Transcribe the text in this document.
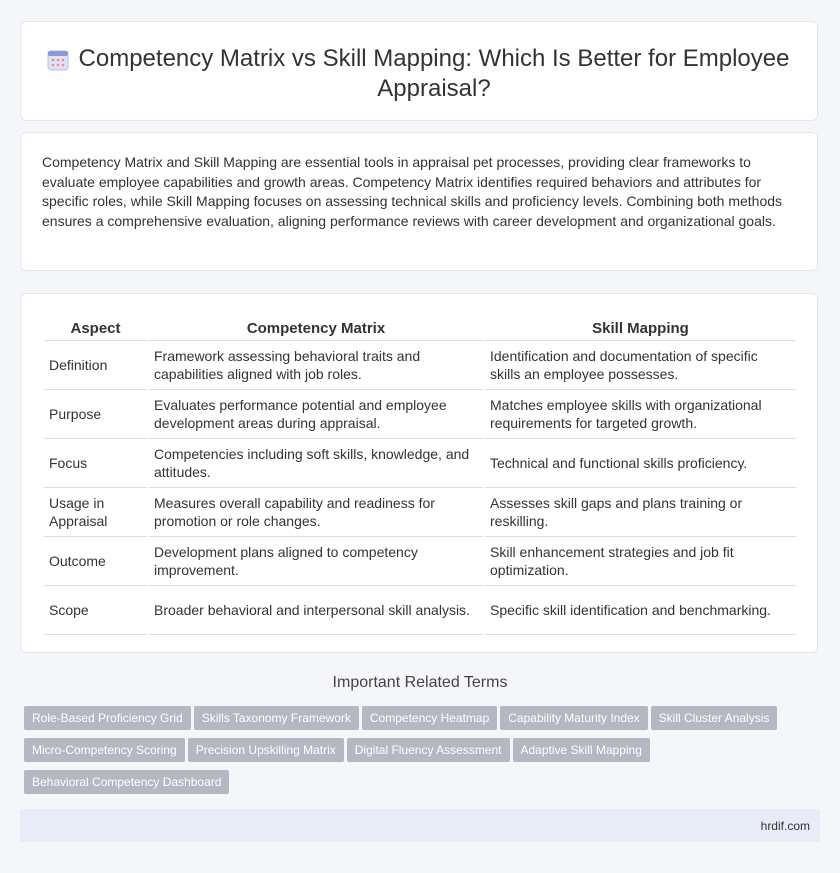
Competency Matrix vs Skill Mapping: Which Is Better for Employee Appraisal?

Competency Matrix and Skill Mapping are essential tools in appraisal pet processes, providing clear frameworks to evaluate employee capabilities and growth areas. Competency Matrix identifies required behaviors and attributes for specific roles, while Skill Mapping focuses on assessing technical skills and proficiency levels. Combining both methods ensures a comprehensive evaluation, aligning performance reviews with career development and organizational goals.

Aspect	Competency Matrix	Skill Mapping
Definition	Framework assessing behavioral traits and capabilities aligned with job roles.	Identification and documentation of specific skills an employee possesses.
Purpose	Evaluates performance potential and employee development areas during appraisal.	Matches employee skills with organizational requirements for targeted growth.
Focus	Competencies including soft skills, knowledge, and attitudes.	Technical and functional skills proficiency.
Usage in Appraisal	Measures overall capability and readiness for promotion or role changes.	Assesses skill gaps and plans training or reskilling.
Outcome	Development plans aligned to competency improvement.	Skill enhancement strategies and job fit optimization.
Scope	Broader behavioral and interpersonal skill analysis.	Specific skill identification and benchmarking.
Important Related Terms
Role-Based Proficiency Grid Skills Taxonomy Framework Competency Heatmap Capability Maturity Index Skill Cluster Analysis
Micro-Competency Scoring Precision Upskilling Matrix Digital Fluency Assessment Adaptive Skill Mapping
Behavioral Competency Dashboard
hrdif.com
